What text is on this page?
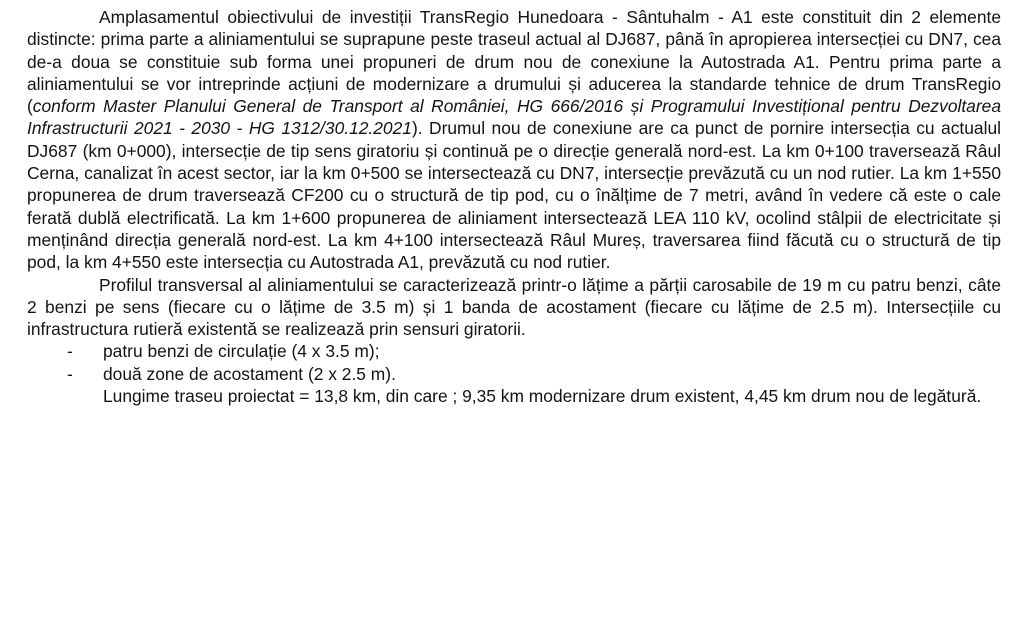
Amplasamentul obiectivului de investiții TransRegio Hunedoara - Sântuhalm - A1 este constituit din 2 elemente distincte: prima parte a aliniamentului se suprapune peste traseul actual al DJ687, până în apropierea intersecției cu DN7, cea de-a doua se constituie sub forma unei propuneri de drum nou de conexiune la Autostrada A1. Pentru prima parte a aliniamentului se vor intreprinde acțiuni de modernizare a drumului și aducerea la standarde tehnice de drum TransRegio (conform Master Planului General de Transport al României, HG 666/2016 și Programului Investițional pentru Dezvoltarea Infrastructurii 2021 - 2030 - HG 1312/30.12.2021). Drumul nou de conexiune are ca punct de pornire intersecția cu actualul DJ687 (km 0+000), intersecție de tip sens giratoriu și continuă pe o direcție generală nord-est. La km 0+100 traversează Râul Cerna, canalizat în acest sector, iar la km 0+500 se intersectează cu DN7, intersecție prevăzută cu un nod rutier. La km 1+550 propunerea de drum traversează CF200 cu o structură de tip pod, cu o înălțime de 7 metri, având în vedere că este o cale ferată dublă electrificată. La km 1+600 propunerea de aliniament intersectează LEA 110 kV, ocolind stâlpii de electricitate și menținând direcția generală nord-est. La km 4+100 intersectează Râul Mureș, traversarea fiind făcută cu o structură de tip pod, la km 4+550 este intersecția cu Autostrada A1, prevăzută cu nod rutier.

Profilul transversal al aliniamentului se caracterizează printr-o lățime a părții carosabile de 19 m cu patru benzi, câte 2 benzi pe sens (fiecare cu o lățime de 3.5 m) și 1 banda de acostament (fiecare cu lățime de 2.5 m). Intersecțiile cu infrastructura rutieră existentă se realizează prin sensuri giratorii.

- patru benzi de circulație (4 x 3.5 m);
- două zone de acostament (2 x 2.5 m).

Lungime traseu proiectat = 13,8 km, din care ; 9,35 km modernizare drum existent, 4,45 km drum nou de legătură.
